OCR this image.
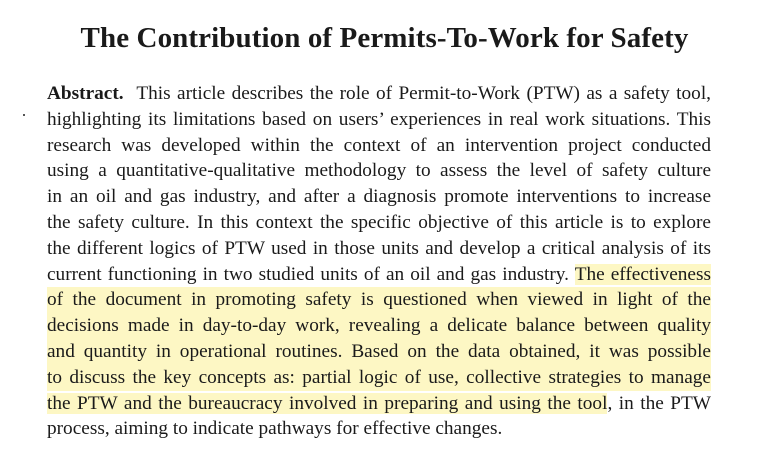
The Contribution of Permits-To-Work for Safety
Abstract. This article describes the role of Permit-to-Work (PTW) as a safety tool,
highlighting its limitations based on users’ experiences in real work situations. This
research was developed within the context of an intervention project conducted
using a quantitative-qualitative methodology to assess the level of safety culture
in an oil and gas industry, and after a diagnosis promote interventions to increase
the safety culture. In this context the specific objective of this article is to explore
the different logics of PTW used in those units and develop a critical analysis of its
current functioning in two studied units of an oil and gas industry. The effectiveness
of the document in promoting safety is questioned when viewed in light of the
decisions made in day-to-day work, revealing a delicate balance between quality
and quantity in operational routines. Based on the data obtained, it was possible
to discuss the key concepts as: partial logic of use, collective strategies to manage
the PTW and the bureaucracy involved in preparing and using the tool, in the PTW
process, aiming to indicate pathways for effective changes.
